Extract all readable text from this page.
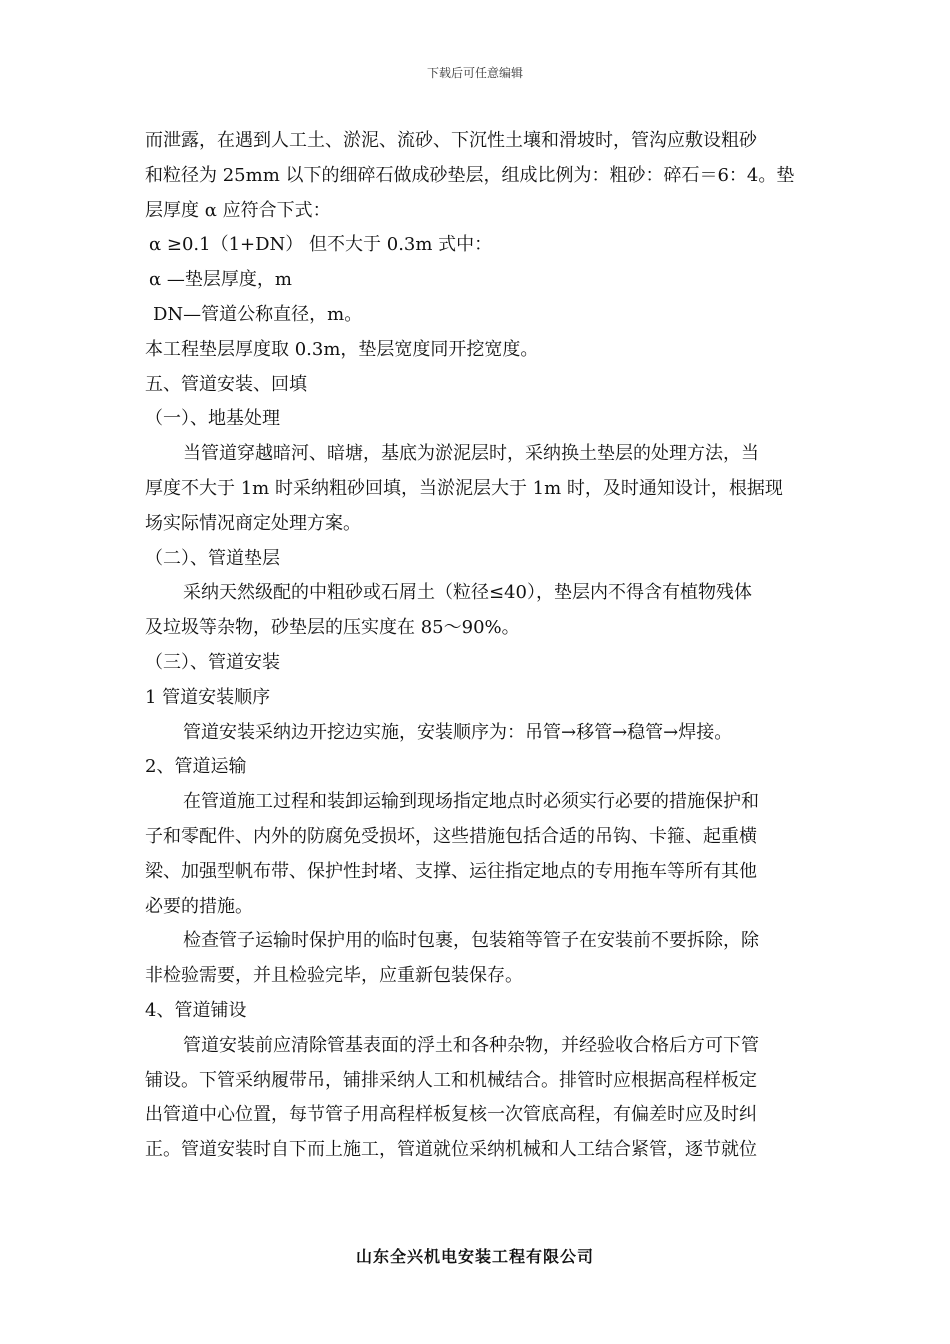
下载后可任意编辑
而泄露，在遇到人工土、淤泥、流砂、下沉性土壤和滑坡时，管沟应敷设粗砂
和粒径为 25mm 以下的细碎石做成砂垫层，组成比例为：粗砂：碎石＝6：4。垫
层厚度 α 应符合下式：
α ≥0.1（1+DN） 但不大于 0.3m 式中：
α —垫层厚度，m
DN—管道公称直径，m。
本工程垫层厚度取 0.3m，垫层宽度同开挖宽度。
五、管道安装、回填
（一）、地基处理
当管道穿越暗河、暗塘，基底为淤泥层时，采纳换土垫层的处理方法，当
厚度不大于 1m 时采纳粗砂回填，当淤泥层大于 1m 时，及时通知设计，根据现
场实际情况商定处理方案。
（二）、管道垫层
采纳天然级配的中粗砂或石屑土（粒径≤40），垫层内不得含有植物残体
及垃圾等杂物，砂垫层的压实度在 85～90%。
（三）、管道安装
1 管道安装顺序
管道安装采纳边开挖边实施，安装顺序为：吊管→移管→稳管→焊接。
2、管道运输
在管道施工过程和装卸运输到现场指定地点时必须实行必要的措施保护和
子和零配件、内外的防腐免受损坏，这些措施包括合适的吊钩、卡箍、起重横
梁、加强型帆布带、保护性封堵、支撑、运往指定地点的专用拖车等所有其他
必要的措施。
检查管子运输时保护用的临时包裹，包装箱等管子在安装前不要拆除，除
非检验需要，并且检验完毕，应重新包装保存。
4、管道铺设
管道安装前应清除管基表面的浮土和各种杂物，并经验收合格后方可下管
铺设。下管采纳履带吊，铺排采纳人工和机械结合。排管时应根据高程样板定
出管道中心位置，每节管子用高程样板复核一次管底高程，有偏差时应及时纠
正。管道安装时自下而上施工，管道就位采纳机械和人工结合紧管，逐节就位
山东全兴机电安装工程有限公司
